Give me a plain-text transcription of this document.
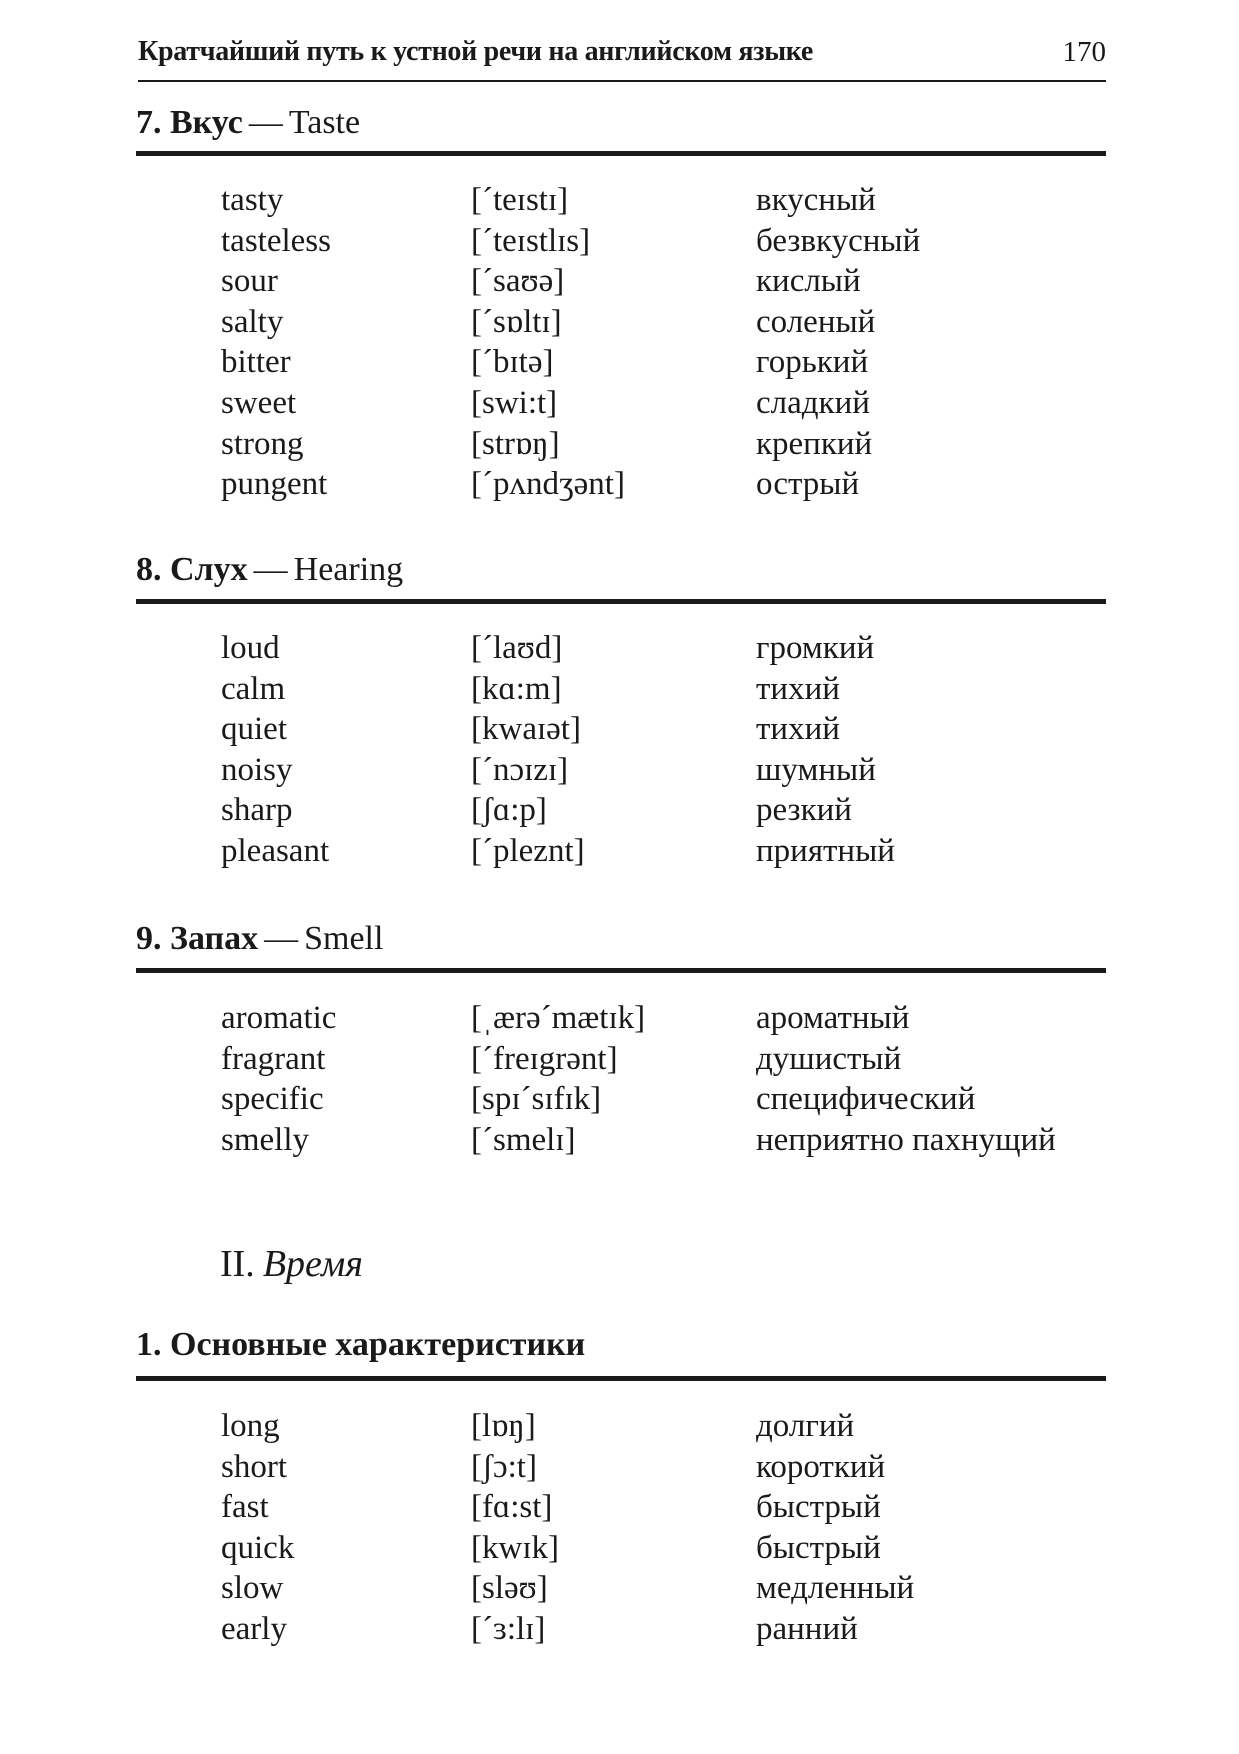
Кратчайший путь к устной речи на английском языке	170
7. Вкус — Taste
tasty	[ˊteɪstɪ]	вкусный
tasteless	[ˊteɪstlɪs]	безвкусный
sour	[ˊsaʊə]	кислый
salty	[ˊsɒltɪ]	соленый
bitter	[ˊbɪtə]	горький
sweet	[swi:t]	сладкий
strong	[strɒŋ]	крепкий
pungent	[ˊpʌndʒənt]	острый
8. Слух — Hearing
loud	[ˊlaʊd]	громкий
calm	[kɑ:m]	тихий
quiet	[kwaɪət]	тихий
noisy	[ˊnɔɪzɪ]	шумный
sharp	[ʃɑ:p]	резкий
pleasant	[ˊpleznt]	приятный
9. Запах — Smell
aromatic	[ˌærəˊmætɪk]	ароматный
fragrant	[ˊfreɪgrənt]	душистый
specific	[spɪˊsɪfɪk]	специфический
smelly	[ˊsmelɪ]	неприятно пахнущий
II. Время
1. Основные характеристики
long	[lɒŋ]	долгий
short	[ʃɔ:t]	короткий
fast	[fɑ:st]	быстрый
quick	[kwɪk]	быстрый
slow	[sləʊ]	медленный
early	[ˊɜ:lɪ]	ранний
